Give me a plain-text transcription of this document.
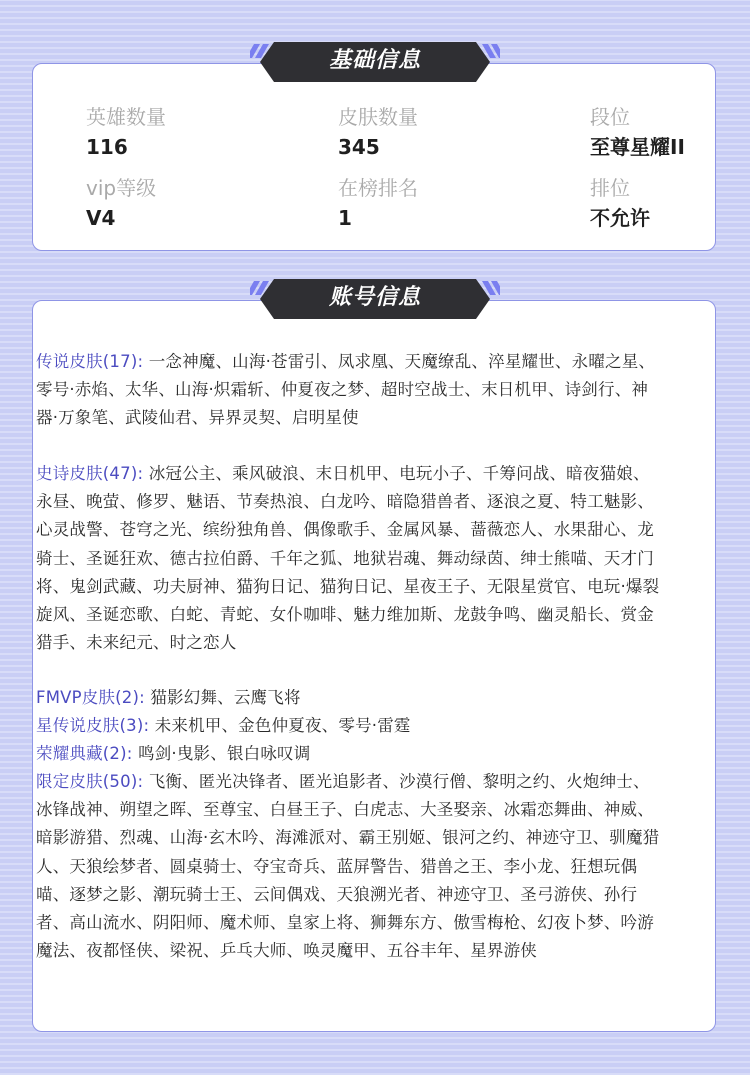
基础信息
英雄数量
116
皮肤数量
345
段位
至尊星耀II
vip等级
V4
在榜排名
1
排位
不允许
账号信息
传说皮肤(17): 一念神魔、山海·苍雷引、凤求凰、天魔缭乱、淬星耀世、永曜之星、零号·赤焰、太华、山海·炽霜斩、仲夏夜之梦、超时空战士、末日机甲、诗剑行、神器·万象笔、武陵仙君、异界灵契、启明星使
史诗皮肤(47): 冰冠公主、乘风破浪、末日机甲、电玩小子、千筹问战、暗夜猫娘、永昼、晚萤、修罗、魅语、节奏热浪、白龙吟、暗隐猎兽者、逐浪之夏、特工魅影、心灵战警、苍穹之光、缤纷独角兽、偶像歌手、金属风暴、蔷薇恋人、水果甜心、龙骑士、圣诞狂欢、德古拉伯爵、千年之狐、地狱岩魂、舞动绿茵、绅士熊喵、天才门将、鬼剑武藏、功夫厨神、猫狗日记、猫狗日记、星夜王子、无限星赏官、电玩·爆裂旋风、圣诞恋歌、白蛇、青蛇、女仆咖啡、魅力维加斯、龙鼓争鸣、幽灵船长、赏金猎手、未来纪元、时之恋人
FMVP皮肤(2): 猫影幻舞、云鹰飞将
星传说皮肤(3): 未来机甲、金色仲夏夜、零号·雷霆
荣耀典藏(2): 鸣剑·曳影、银白咏叹调
限定皮肤(50): 飞衡、匿光决锋者、匿光追影者、沙漠行僧、黎明之约、火炮绅士、冰锋战神、朔望之晖、至尊宝、白昼王子、白虎志、大圣娶亲、冰霜恋舞曲、神威、暗影游猎、烈魂、山海·玄木吟、海滩派对、霸王别姬、银河之约、神迹守卫、驯魔猎人、天狼绘梦者、圆桌骑士、夺宝奇兵、蓝屏警告、猎兽之王、李小龙、狂想玩偶喵、逐梦之影、潮玩骑士王、云间偶戏、天狼溯光者、神迹守卫、圣弓游侠、孙行者、高山流水、阴阳师、魔术师、皇家上将、狮舞东方、傲雪梅枪、幻夜卜梦、吟游魔法、夜都怪侠、梁祝、乒乓大师、唤灵魔甲、五谷丰年、星界游侠
